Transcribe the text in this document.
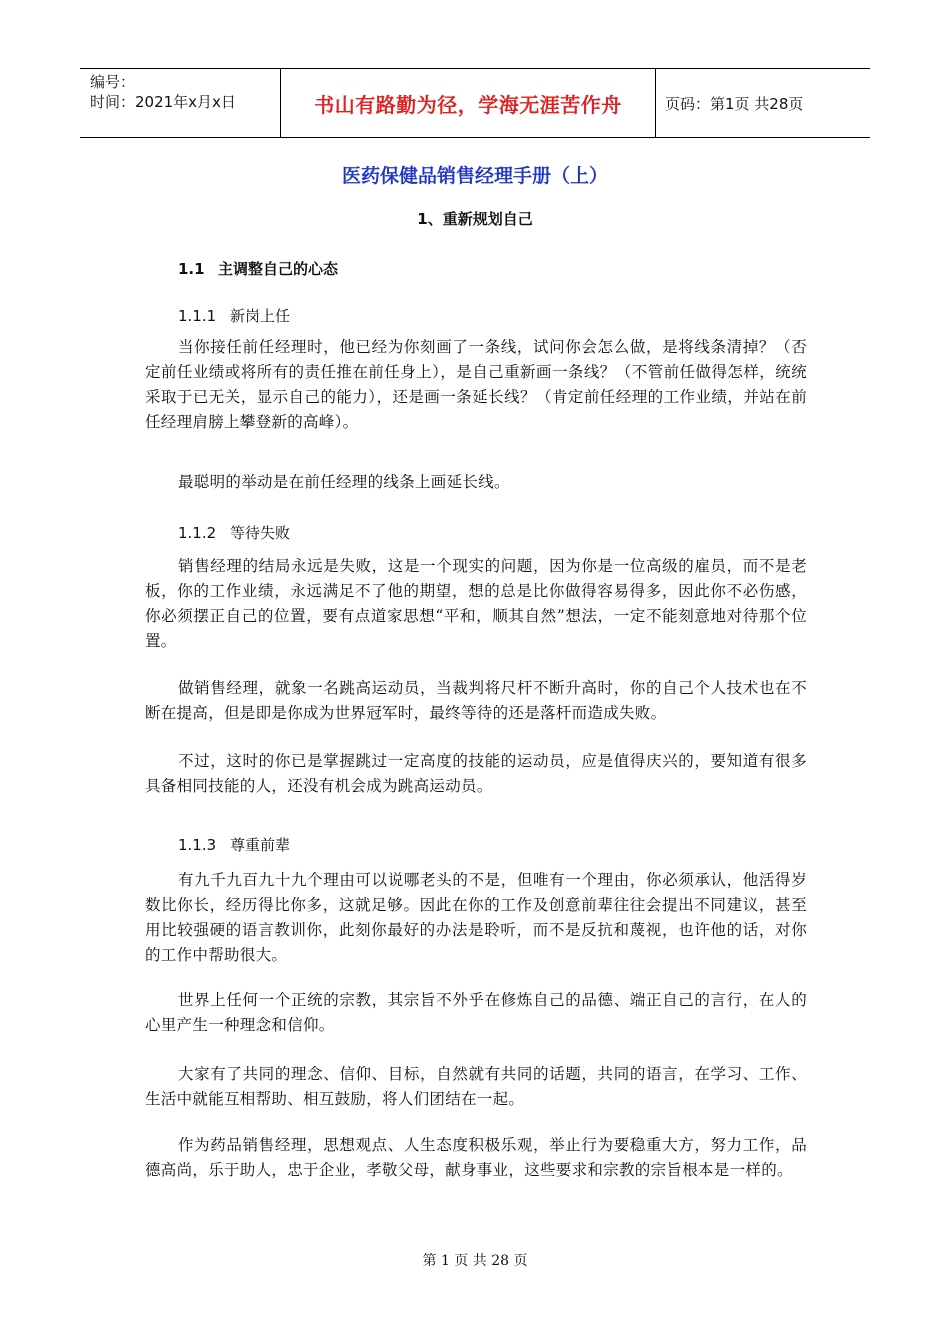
编号：
时间：2021年x月x日	书山有路勤为径，学海无涯苦作舟	页码：第1页 共28页
医药保健品销售经理手册（上）
1、重新规划自己
1.1 主调整自己的心态
1.1.1 新岗上任

当你接任前任经理时，他已经为你刻画了一条线，试问你会怎么做，是将线条清掉？（否定前任业绩或将所有的责任推在前任身上），是自己重新画一条线？（不管前任做得怎样，统统采取于已无关，显示自己的能力），还是画一条延长线？（肯定前任经理的工作业绩，并站在前任经理肩膀上攀登新的高峰）。

最聪明的举动是在前任经理的线条上画延长线。

1.1.2 等待失败

销售经理的结局永远是失败，这是一个现实的问题，因为你是一位高级的雇员，而不是老板，你的工作业绩，永远满足不了他的期望，想的总是比你做得容易得多，因此你不必伤感，你必须摆正自己的位置，要有点道家思想“平和，顺其自然”想法，一定不能刻意地对待那个位置。

做销售经理，就象一名跳高运动员，当裁判将尺杆不断升高时，你的自己个人技术也在不断在提高，但是即是你成为世界冠军时，最终等待的还是落杆而造成失败。

不过，这时的你已是掌握跳过一定高度的技能的运动员，应是值得庆兴的，要知道有很多具备相同技能的人，还没有机会成为跳高运动员。

1.1.3 尊重前辈

有九千九百九十九个理由可以说哪老头的不是，但唯有一个理由，你必须承认，他活得岁数比你长，经历得比你多，这就足够。因此在你的工作及创意前辈往往会提出不同建议，甚至用比较强硬的语言教训你，此刻你最好的办法是聆听，而不是反抗和蔑视，也许他的话，对你的工作中帮助很大。

世界上任何一个正统的宗教，其宗旨不外乎在修炼自己的品德、端正自己的言行，在人的心里产生一种理念和信仰。

大家有了共同的理念、信仰、目标，自然就有共同的话题，共同的语言，在学习、工作、生活中就能互相帮助、相互鼓励，将人们团结在一起。

作为药品销售经理，思想观点、人生态度积极乐观，举止行为要稳重大方，努力工作，品德高尚，乐于助人，忠于企业，孝敬父母，献身事业，这些要求和宗教的宗旨根本是一样的。

第 1 页 共 28 页
